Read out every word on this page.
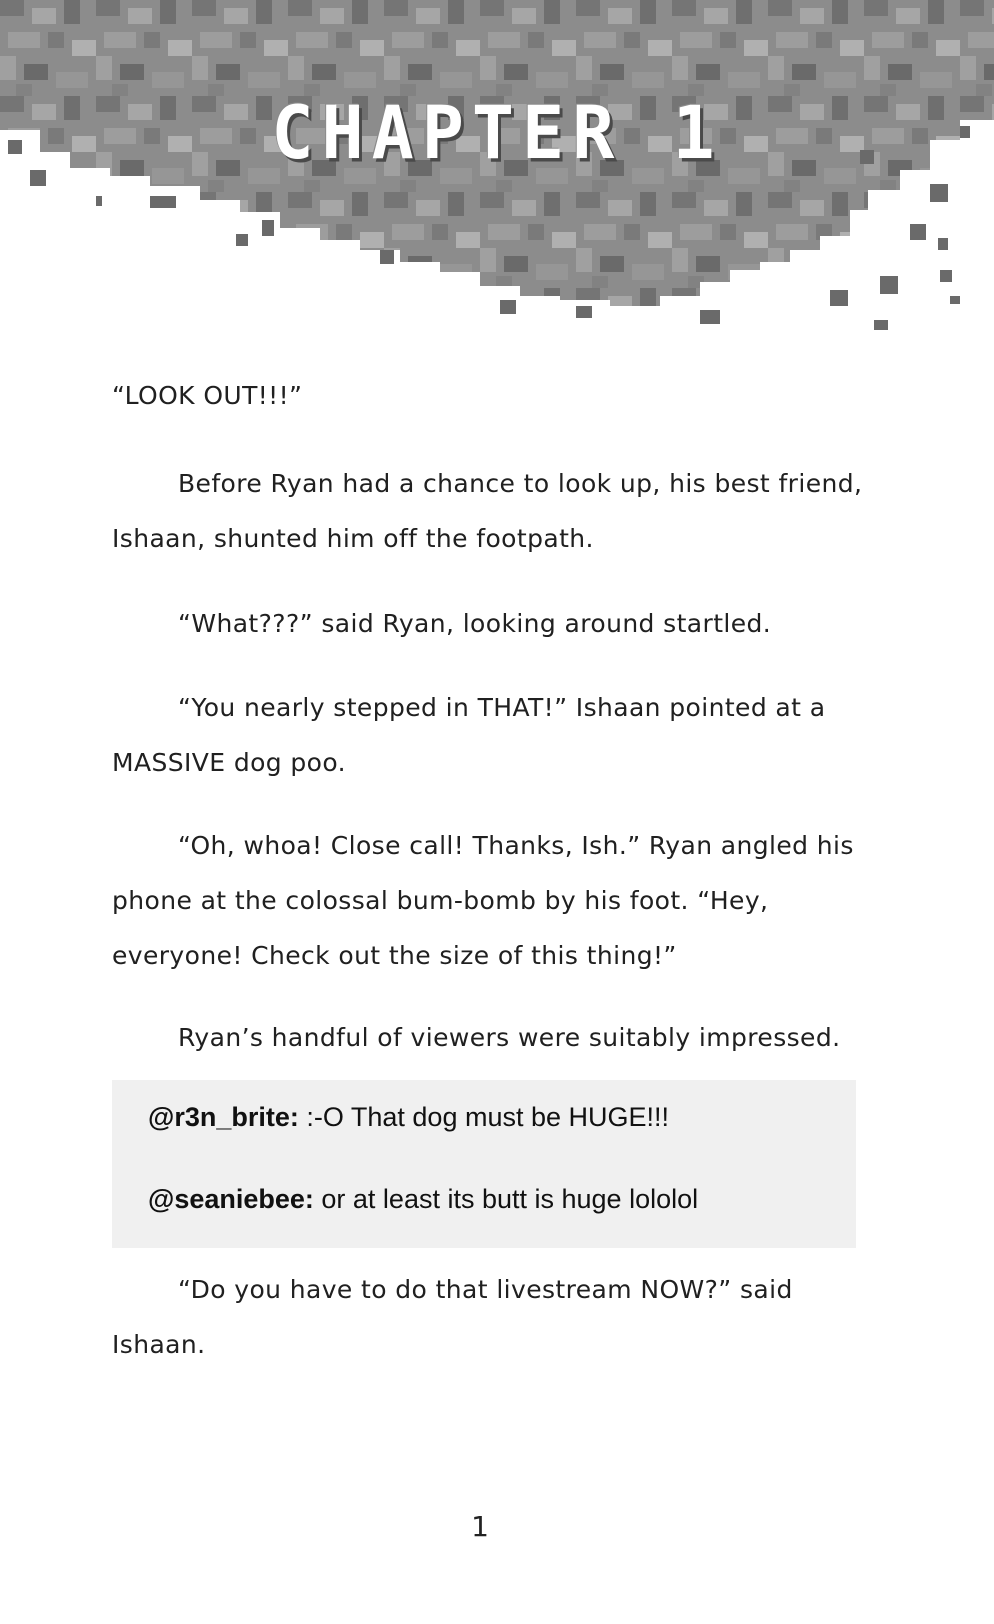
CHAPTER 1

“LOOK OUT!!!”

Before Ryan had a chance to look up, his best friend, Ishaan, shunted him off the footpath.

“What???” said Ryan, looking around startled.

“You nearly stepped in THAT!” Ishaan pointed at a MASSIVE dog poo.

“Oh, whoa! Close call! Thanks, Ish.” Ryan angled his phone at the colossal bum-bomb by his foot. “Hey, everyone! Check out the size of this thing!”

Ryan’s handful of viewers were suitably impressed.

@r3n_brite: :-O That dog must be HUGE!!!

@seaniebee: or at least its butt is huge lololol

“Do you have to do that livestream NOW?” said Ishaan.

1
